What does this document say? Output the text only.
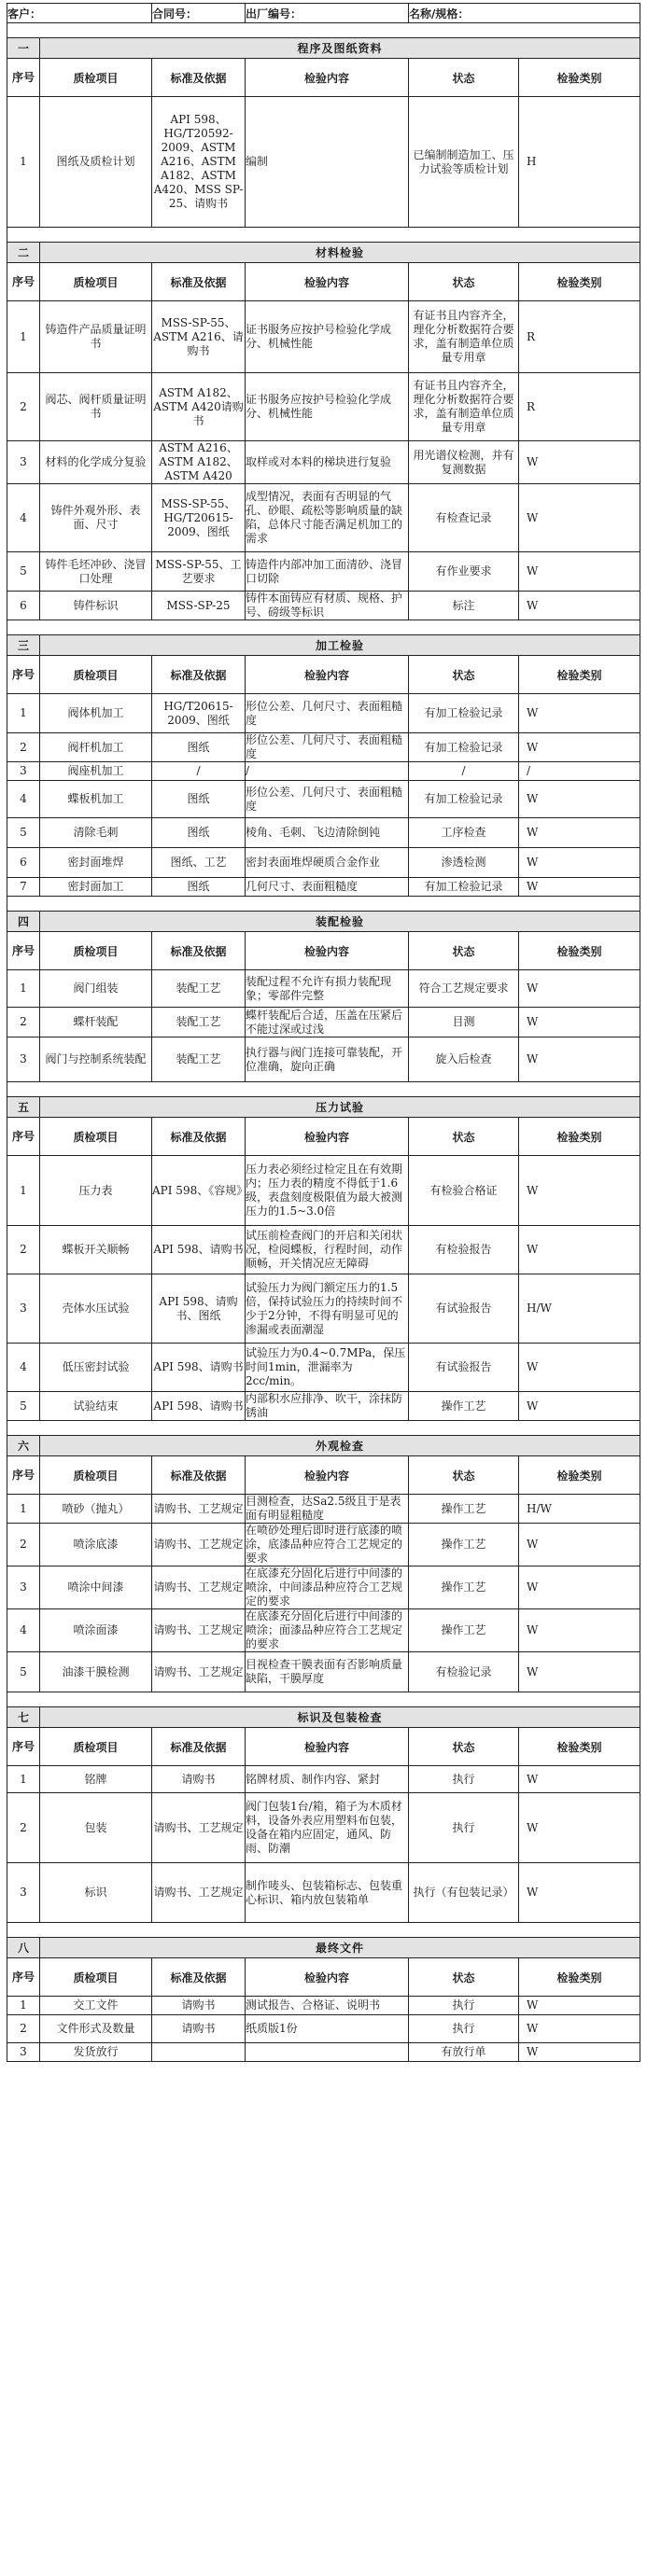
客户：		合同号：	出厂编号：	名称/规格：	

一	程序及图纸资料				
序号	质检项目	标准及依据	检验内容	状态	检验类别
1	图纸及质检计划	API 598、HG/T20592-2009、ASTM A216、ASTM A182、ASTM A420、MSS SP-25、请购书	编制	已编制制造加工、压力试验等质检计划	H

二	材料检验				
序号	质检项目	标准及依据	检验内容	状态	检验类别
1	铸造件产品质量证明书	MSS-SP-55、ASTM A216、请购书	证书服务应按护号检验化学成分、机械性能	有证书且内容齐全，理化分析数据符合要求，盖有制造单位质量专用章	R
2	阀芯、阀杆质量证明书	ASTM A182、ASTM A420请购书	证书服务应按护号检验化学成分、机械性能	有证书且内容齐全，理化分析数据符合要求，盖有制造单位质量专用章	R
3	材料的化学成分复验	ASTM A216、ASTM A182、ASTM A420	取样或对本料的梯块进行复验	用光谱仪检测，并有复测数据	W
4	铸件外观外形、表面、尺寸	MSS-SP-55、HG/T20615-2009、图纸	成型情况，表面有否明显的气孔、砂眼、疏松等影响质量的缺陷，总体尺寸能否满足机加工的需求	有检查记录	W
5	铸件毛坯冲砂、浇冒口处理	MSS-SP-55、工艺要求	铸造件内部冲加工面清砂、浇冒口切除	有作业要求	W
6	铸件标识	MSS-SP-25	铸件本面铸应有材质、规格、护号、磅级等标识	标注	W

三	加工检验				
序号	质检项目	标准及依据	检验内容	状态	检验类别
1	阀体机加工	HG/T20615-2009、图纸	形位公差、几何尺寸、表面粗糙度	有加工检验记录	W
2	阀杆机加工	图纸	形位公差、几何尺寸、表面粗糙度	有加工检验记录	W
3	阀座机加工	/	/	/	/
4	蝶板机加工	图纸	形位公差、几何尺寸、表面粗糙度	有加工检验记录	W
5	清除毛刺	图纸	棱角、毛刺、飞边清除倒钝	工序检查	W
6	密封面堆焊	图纸、工艺	密封表面堆焊硬质合金作业	渗透检测	W
7	密封面加工	图纸	几何尺寸、表面粗糙度	有加工检验记录	W

四	装配检验				
序号	质检项目	标准及依据	检验内容	状态	检验类别
1	阀门组装	装配工艺	装配过程不允许有损力装配现象；零部件完整	符合工艺规定要求	W
2	蝶杆装配	装配工艺	蝶杆装配后合适，压盖在压紧后不能过深或过浅	目测	W
3	阀门与控制系统装配	装配工艺	执行器与阀门连接可靠装配，开位准确，旋向正确	旋入后检查	W

五	压力试验				
序号	质检项目	标准及依据	检验内容	状态	检验类别
1	压力表	API 598、《容规》	压力表必须经过检定且在有效期内；压力表的精度不得低于1.6级，表盘刻度极限值为最大被测压力的1.5~3.0倍	有检验合格证	W
2	蝶板开关顺畅	API 598、请购书	试压前检查阀门的开启和关闭状况，检阅蝶板，行程时间，动作顺畅，开关情况应无障碍	有检验报告	W
3	壳体水压试验	API 598、请购书、图纸	试验压力为阀门额定压力的1.5倍，保持试验压力的持续时间不少于2分钟，不得有明显可见的渗漏或表面潮湿	有试验报告	H/W
4	低压密封试验	API 598、请购书	试验压力为0.4~0.7MPa，保压时间1min，泄漏率为2cc/min。	有试验报告	W
5	试验结束	API 598、请购书	内部积水应排净、吹干，涂抹防锈油	操作工艺	W

六	外观检查				
序号	质检项目	标准及依据	检验内容	状态	检验类别
1	喷砂（抛丸）	请购书、工艺规定	目测检查，达Sa2.5级且于是表面有明显粗糙度	操作工艺	H/W
2	喷涂底漆	请购书、工艺规定	在喷砂处理后即时进行底漆的喷涂，底漆品种应符合工艺规定的要求	操作工艺	W
3	喷涂中间漆	请购书、工艺规定	在底漆充分固化后进行中间漆的喷涂，中间漆品种应符合工艺规定的要求	操作工艺	W
4	喷涂面漆	请购书、工艺规定	在底漆充分固化后进行中间漆的喷涂；面漆品种应符合工艺规定的要求	操作工艺	W
5	油漆干膜检测	请购书、工艺规定	目视检查干膜表面有否影响质量缺陷，干膜厚度	有检验记录	W

七	标识及包装检查				
序号	质检项目	标准及依据	检验内容	状态	检验类别
1	铭牌	请购书	铭牌材质、制作内容、紧封	执行	W
2	包装	请购书、工艺规定	阀门包装1台/箱，箱子为木质材料，设备外表应用塑料布包装，设备在箱内应固定，通风、防雨、防潮	执行	W
3	标识	请购书、工艺规定	制作唛头、包装箱标志、包装重心标识、箱内放包装箱单	执行（有包装记录）	W

八	最终文件				
序号	质检项目	标准及依据	检验内容	状态	检验类别
1	交工文件	请购书	测试报告、合格证、说明书	执行	W
2	文件形式及数量	请购书	纸质版1份	执行	W
3	发货放行			有放行单	W
